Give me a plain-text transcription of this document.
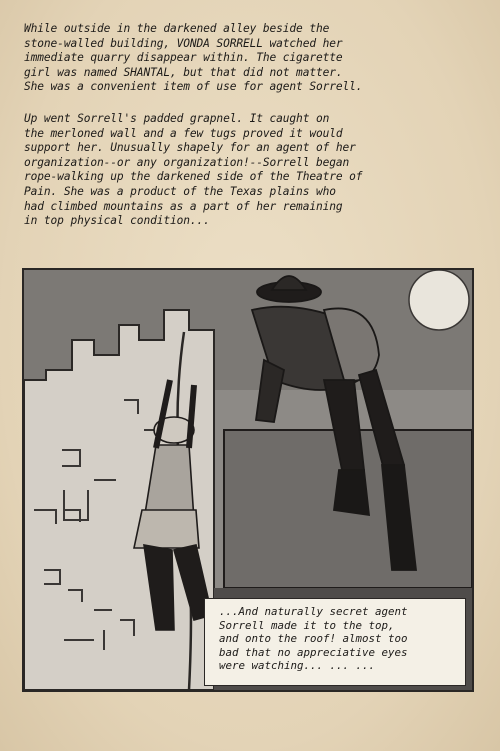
While outside in the darkened alley beside the
stone-walled building, VONDA SORRELL watched her
immediate quarry disappear within. The cigarette
girl was named SHANTAL, but that did not matter.
She was a convenient item of use for agent Sorrell.
Up went Sorrell's padded grapnel. It caught on
the merloned wall and a few tugs proved it would
support her. Unusually shapely for an agent of her
organization--or any organization!--Sorrell began
rope-walking up the darkened side of the Theatre of
Pain. She was a product of the Texas plains who
had climbed mountains as a part of her remaining
in top physical condition...
...And naturally secret agent
Sorrell made it to the top,
and onto the roof! almost too
bad that no appreciative eyes
were watching... ... ...
